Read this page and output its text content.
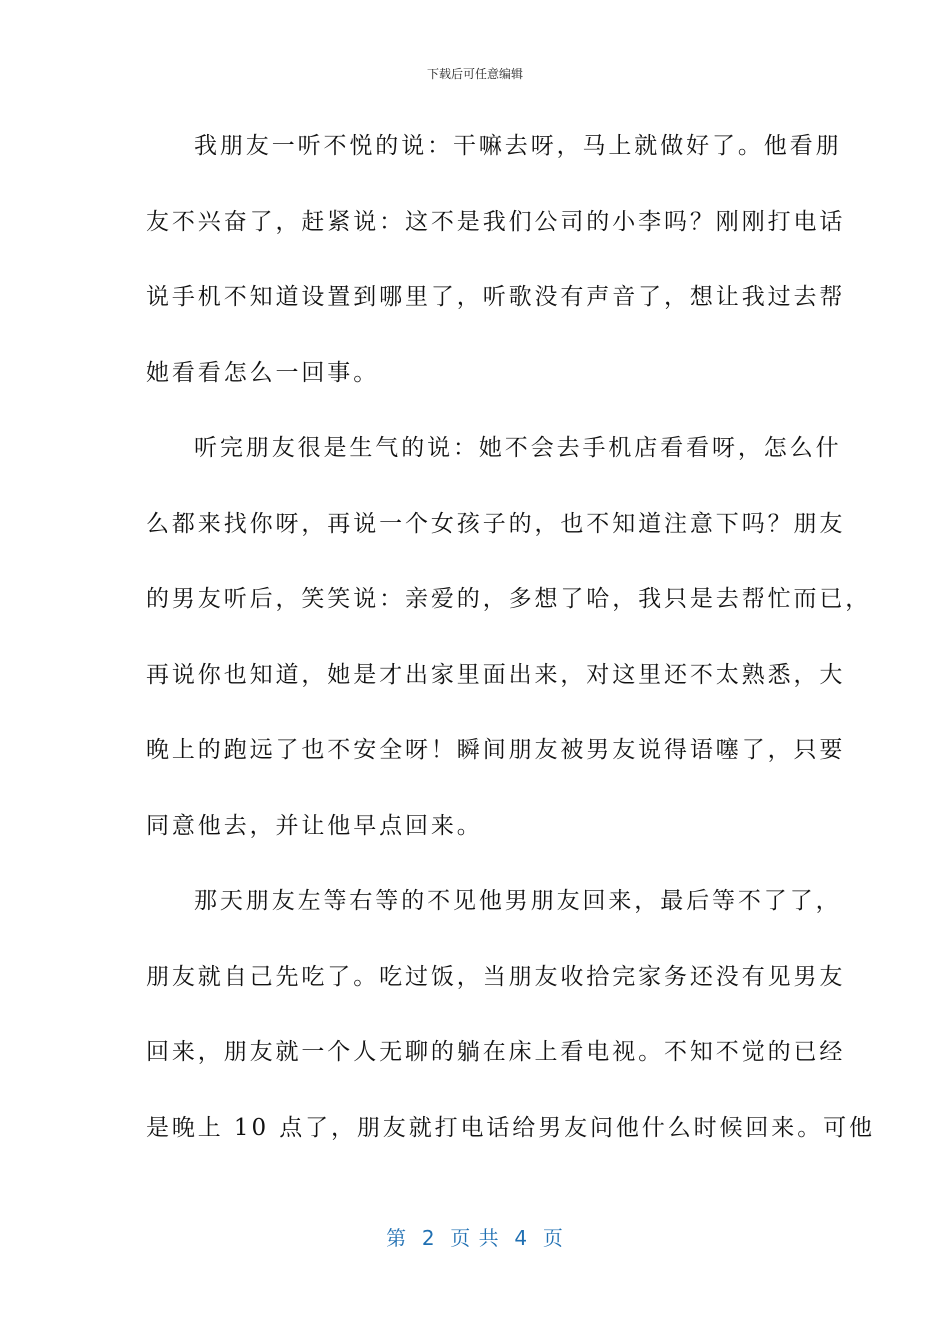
下载后可任意编辑
我朋友一听不悦的说：干嘛去呀，马上就做好了。他看朋
友不兴奋了，赶紧说：这不是我们公司的小李吗？刚刚打电话
说手机不知道设置到哪里了，听歌没有声音了，想让我过去帮
她看看怎么一回事。
听完朋友很是生气的说：她不会去手机店看看呀，怎么什
么都来找你呀，再说一个女孩子的，也不知道注意下吗？朋友
的男友听后，笑笑说：亲爱的，多想了哈，我只是去帮忙而已，
再说你也知道，她是才出家里面出来，对这里还不太熟悉，大
晚上的跑远了也不安全呀！瞬间朋友被男友说得语噻了，只要
同意他去，并让他早点回来。
那天朋友左等右等的不见他男朋友回来，最后等不了了，
朋友就自己先吃了。吃过饭，当朋友收拾完家务还没有见男友
回来，朋友就一个人无聊的躺在床上看电视。不知不觉的已经
是晚上 10 点了，朋友就打电话给男友问他什么时候回来。可他
第  2  页 共  4  页
